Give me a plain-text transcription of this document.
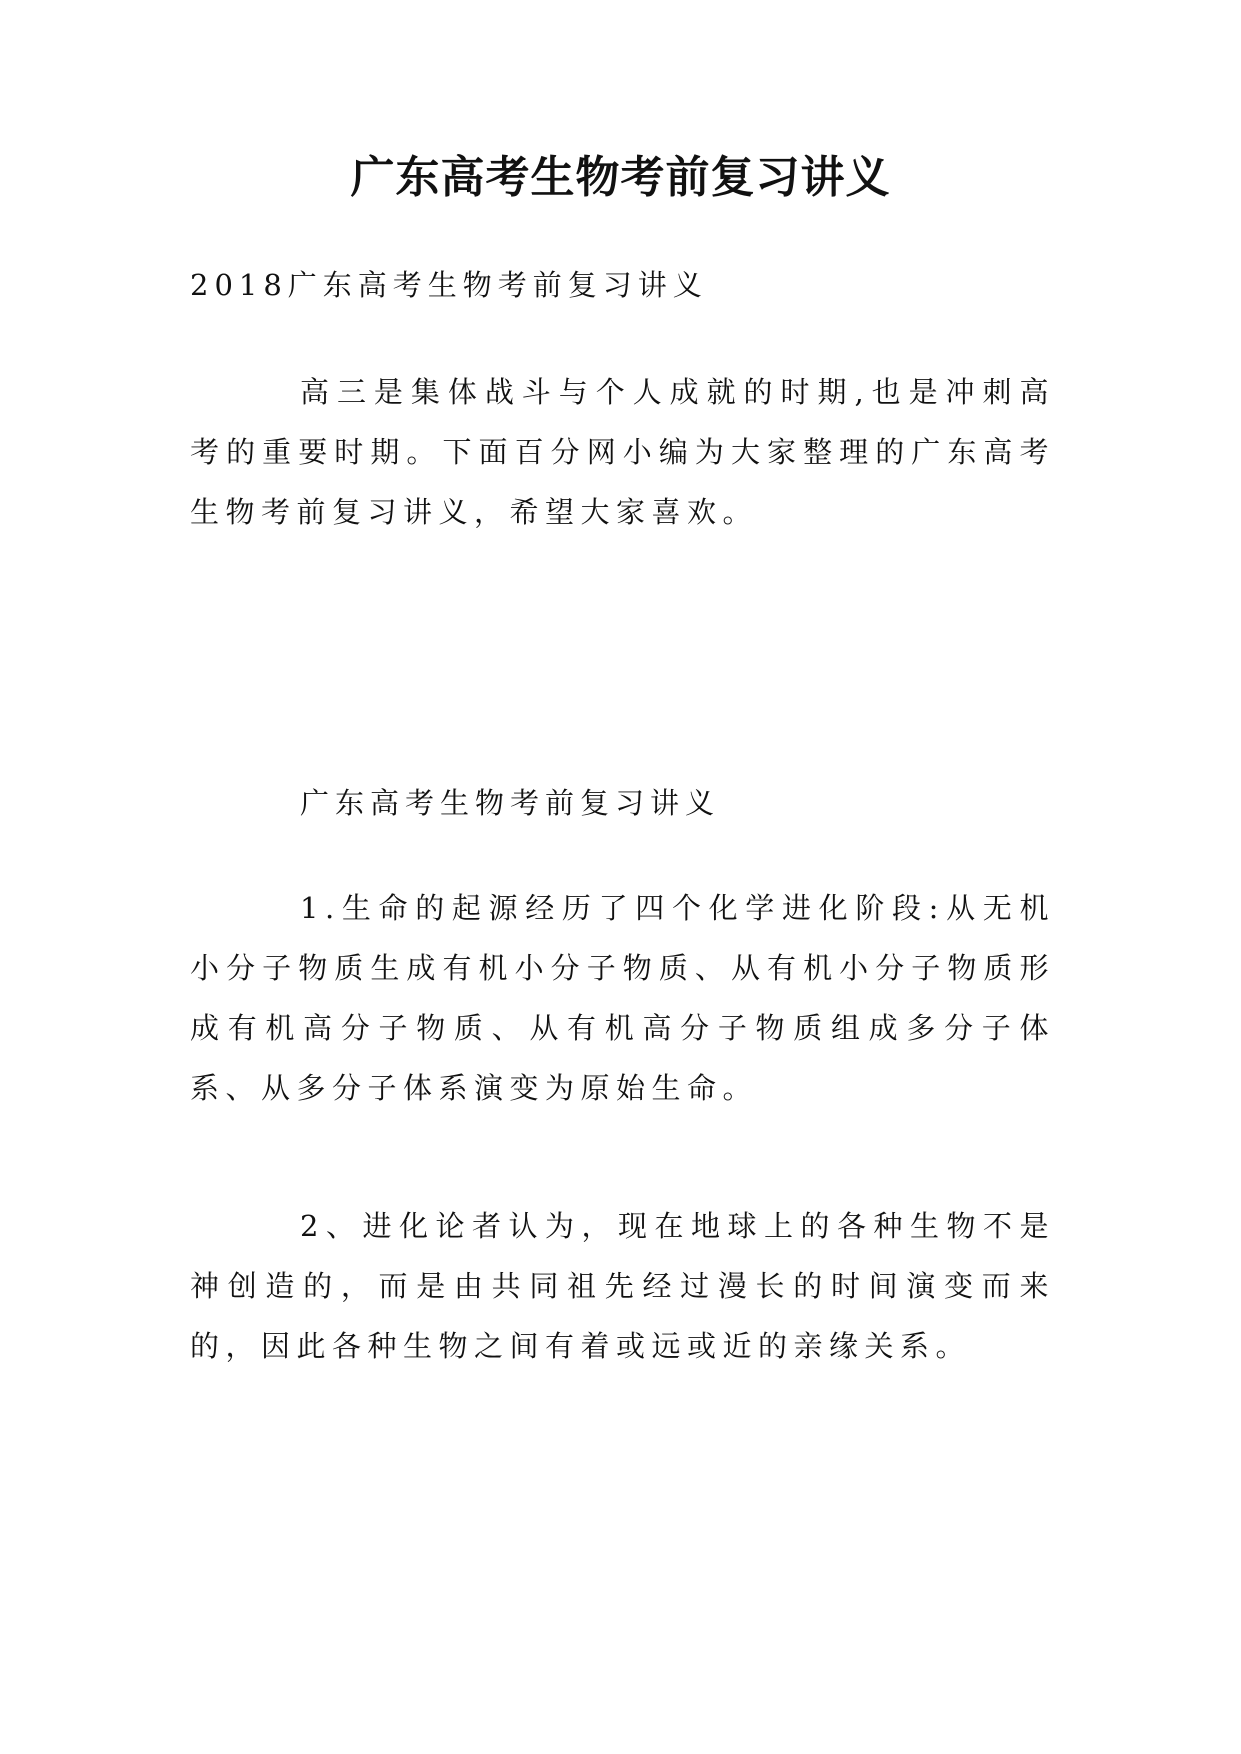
广东高考生物考前复习讲义

2018广东高考生物考前复习讲义

高三是集体战斗与个人成就的时期,也是冲刺高考的重要时期。下面百分网小编为大家整理的广东高考生物考前复习讲义，希望大家喜欢。

广东高考生物考前复习讲义

1.生命的起源经历了四个化学进化阶段:从无机小分子物质生成有机小分子物质、从有机小分子物质形成有机高分子物质、从有机高分子物质组成多分子体系、从多分子体系演变为原始生命。

2、进化论者认为，现在地球上的各种生物不是神创造的，而是由共同祖先经过漫长的时间演变而来的，因此各种生物之间有着或远或近的亲缘关系。
